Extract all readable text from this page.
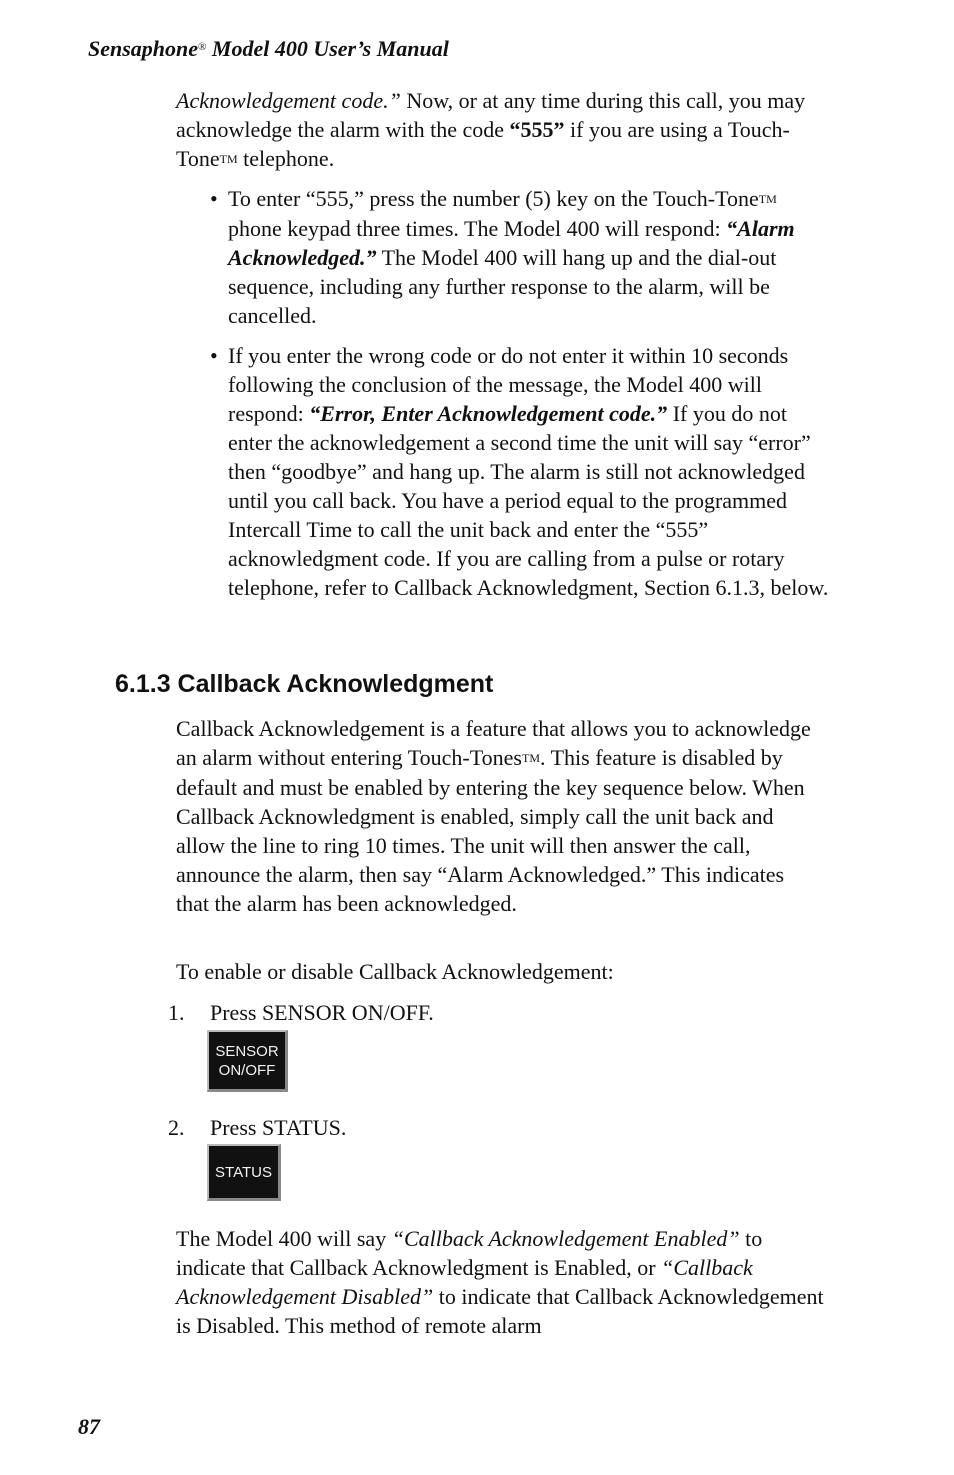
Sensaphone® Model 400 User’s Manual

Acknowledgement code.” Now, or at any time during this call, you may acknowledge the alarm with the code “555” if you are using a Touch-ToneTM telephone.

• To enter “555,” press the number (5) key on the Touch-ToneTM phone keypad three times. The Model 400 will respond: “Alarm Acknowledged.” The Model 400 will hang up and the dial-out sequence, including any further response to the alarm, will be cancelled.
• If you enter the wrong code or do not enter it within 10 seconds following the conclusion of the message, the Model 400 will respond: “Error, Enter Acknowledgement code.” If you do not enter the acknowledgement a second time the unit will say “error” then “goodbye” and hang up. The alarm is still not acknowledged until you call back. You have a period equal to the programmed Intercall Time to call the unit back and enter the “555” acknowledgment code. If you are calling from a pulse or rotary telephone, refer to Callback Acknowledgment, Section 6.1.3, below.
6.1.3 Callback Acknowledgment

Callback Acknowledgement is a feature that allows you to acknowledge an alarm without entering Touch-TonesTM. This feature is disabled by default and must be enabled by entering the key sequence below. When Callback Acknowledgment is enabled, simply call the unit back and allow the line to ring 10 times. The unit will then answer the call, announce the alarm, then say “Alarm Acknowledged.” This indicates that the alarm has been acknowledged.

To enable or disable Callback Acknowledgement:

1. Press SENSOR ON/OFF.
SENSOR
ON/OFF
2. Press STATUS.
STATUS

The Model 400 will say “Callback Acknowledgement Enabled” to indicate that Callback Acknowledgment is Enabled, or “Callback Acknowledgement Disabled” to indicate that Callback Acknowledgement is Disabled. This method of remote alarm

87
